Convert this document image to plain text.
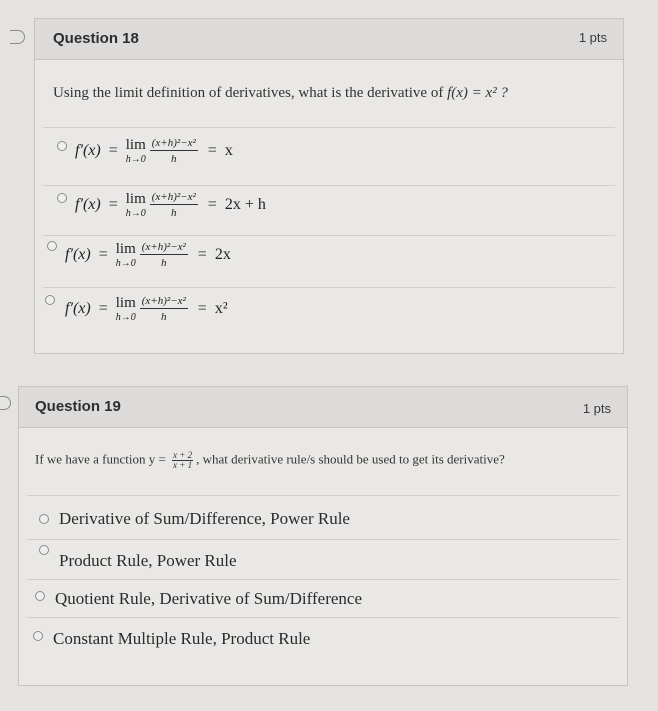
Question 18	1 pts
Using the limit definition of derivatives, what is the derivative of f(x) = x² ?
f′(x) = lim
$h\to 0 \frac{\text{(x+h)²−x²}}{h} = x$
f′(x) = lim
$h\to 0 \frac{\text{(x+h)²−x²}}{h} = 2x + h$
f′(x) = lim
$h\to 0 \frac{\text{(x+h)²−x²}}{h} = 2x$
f′(x) = lim
$h\to 0 \frac{\text{(x+h)²−x²}}{h} = x^2$
Question 19	1 pts
If we have a function $y = \frac{x + 2}{x + 1}$ , what derivative rule/s should be used to get its derivative?
Derivative of Sum/Difference, Power Rule
Product Rule, Power Rule
Quotient Rule, Derivative of Sum/Difference
Constant Multiple Rule, Product Rule
